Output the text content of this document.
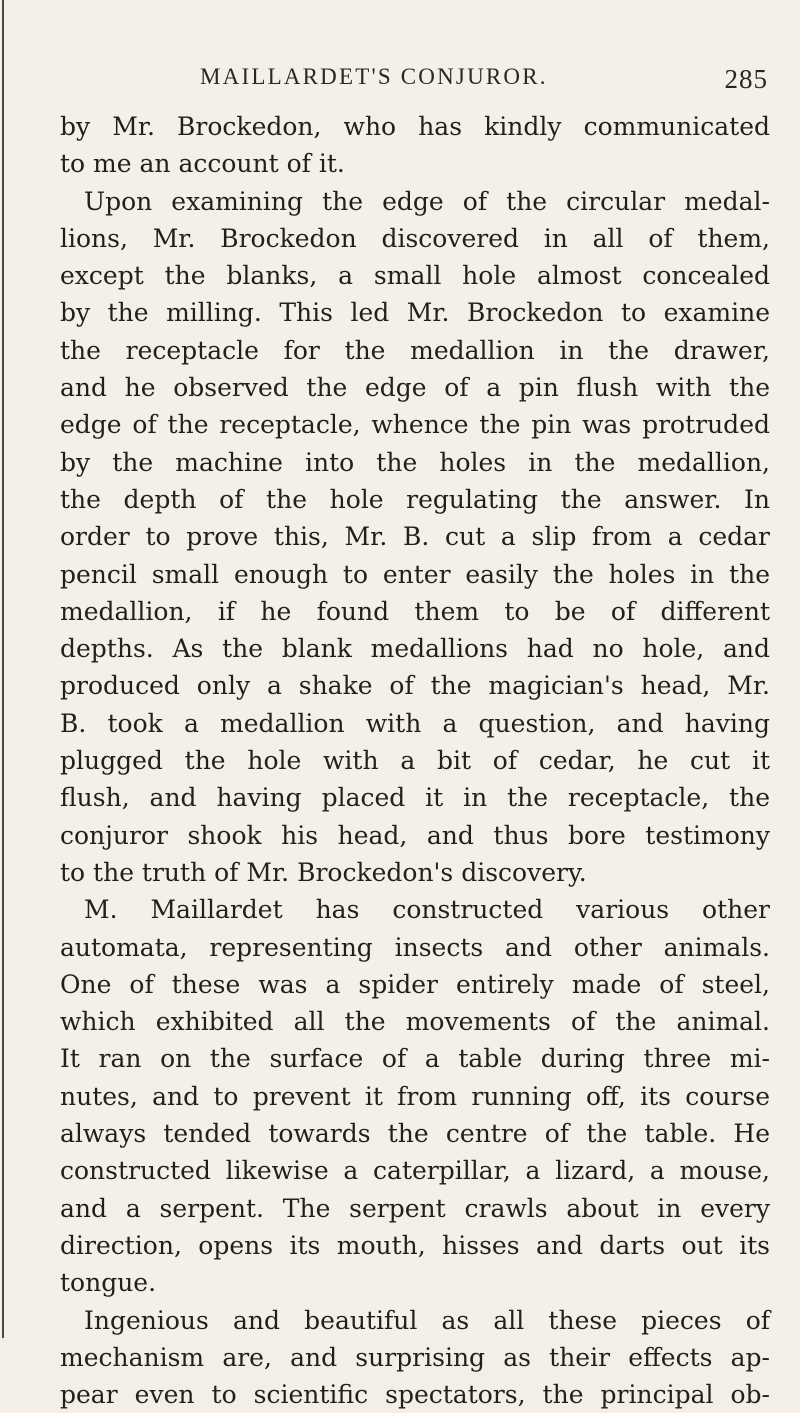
MAILLARDET'S CONJUROR.	285
by Mr. Brockedon, who has kindly communicated
to me an account of it.
Upon examining the edge of the circular medal-
lions, Mr. Brockedon discovered in all of them,
except the blanks, a small hole almost concealed
by the milling. This led Mr. Brockedon to examine
the receptacle for the medallion in the drawer,
and he observed the edge of a pin flush with the
edge of the receptacle, whence the pin was protruded
by the machine into the holes in the medallion,
the depth of the hole regulating the answer. In
order to prove this, Mr. B. cut a slip from a cedar
pencil small enough to enter easily the holes in the
medallion, if he found them to be of different
depths. As the blank medallions had no hole, and
produced only a shake of the magician's head, Mr.
B. took a medallion with a question, and having
plugged the hole with a bit of cedar, he cut it
flush, and having placed it in the receptacle, the
conjuror shook his head, and thus bore testimony
to the truth of Mr. Brockedon's discovery.
M. Maillardet has constructed various other
automata, representing insects and other animals.
One of these was a spider entirely made of steel,
which exhibited all the movements of the animal.
It ran on the surface of a table during three mi-
nutes, and to prevent it from running off, its course
always tended towards the centre of the table. He
constructed likewise a caterpillar, a lizard, a mouse,
and a serpent. The serpent crawls about in every
direction, opens its mouth, hisses and darts out its
tongue.
Ingenious and beautiful as all these pieces of
mechanism are, and surprising as their effects ap-
pear even to scientific spectators, the principal ob-
